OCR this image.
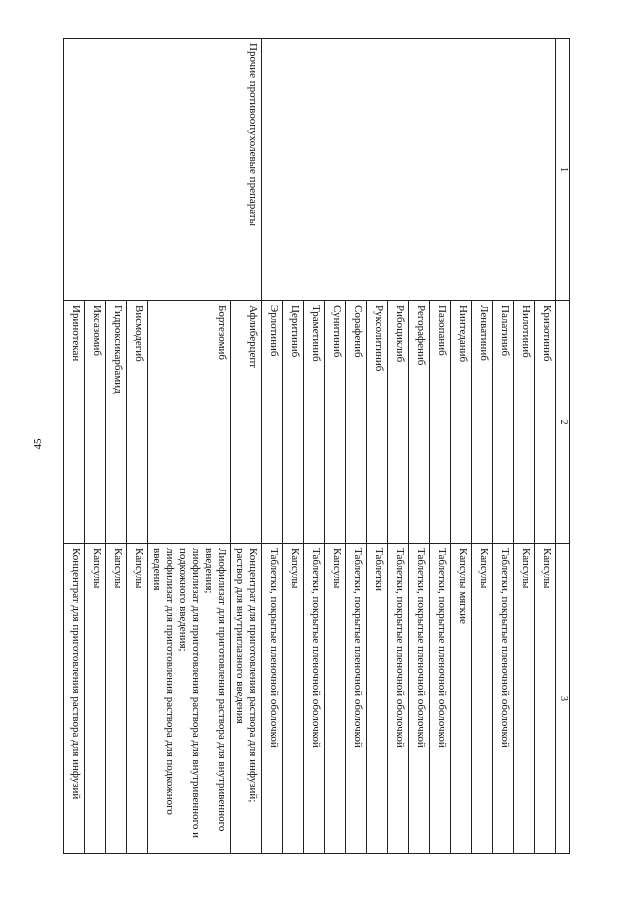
45
1	2	3
	Кризотиниб	Капсулы

	Нилотиниб	Капсулы

	Палатиниб	Таблетки, покрытые пленочной оболочкой

	Ленватиниб	Капсулы

	Нинтеданиб	Капсулы мягкие

	Пазопаниб	Таблетки, покрытые пленочной оболочкой

	Регорафениб	Таблетки, покрытые пленочной оболочкой

	Рибоциклиб	Таблетки, покрытые пленочной оболочкой

	Руксолитиниб	Таблетки

	Сорафениб	Таблетки, покрытые пленочной оболочкой

	Сунитиниб	Капсулы

	Траметиниб	Таблетки, покрытые пленочной оболочкой

	Церитиниб	Капсулы

	Эрлотиниб	Таблетки, покрытые пленочной оболочкой

Прочие противоопухолевые препараты	Афлиберцепт	Концентрат для приготовления раствора для инфузий;
раствор для внутриглазного введения

	Бортезомиб	Лиофилизат для приготовления раствора для внутривенного введения;
лиофилизат для приготовления раствора для внутривенного и подкожного введения;
лиофилизат для приготовления раствора для подкожного введения

	Висмодегиб	Капсулы

	Гидроксикарбамид	Капсулы

	Иксазомиб	Капсулы

	Иринотекан	Концентрат для приготовления раствора для инфузий
